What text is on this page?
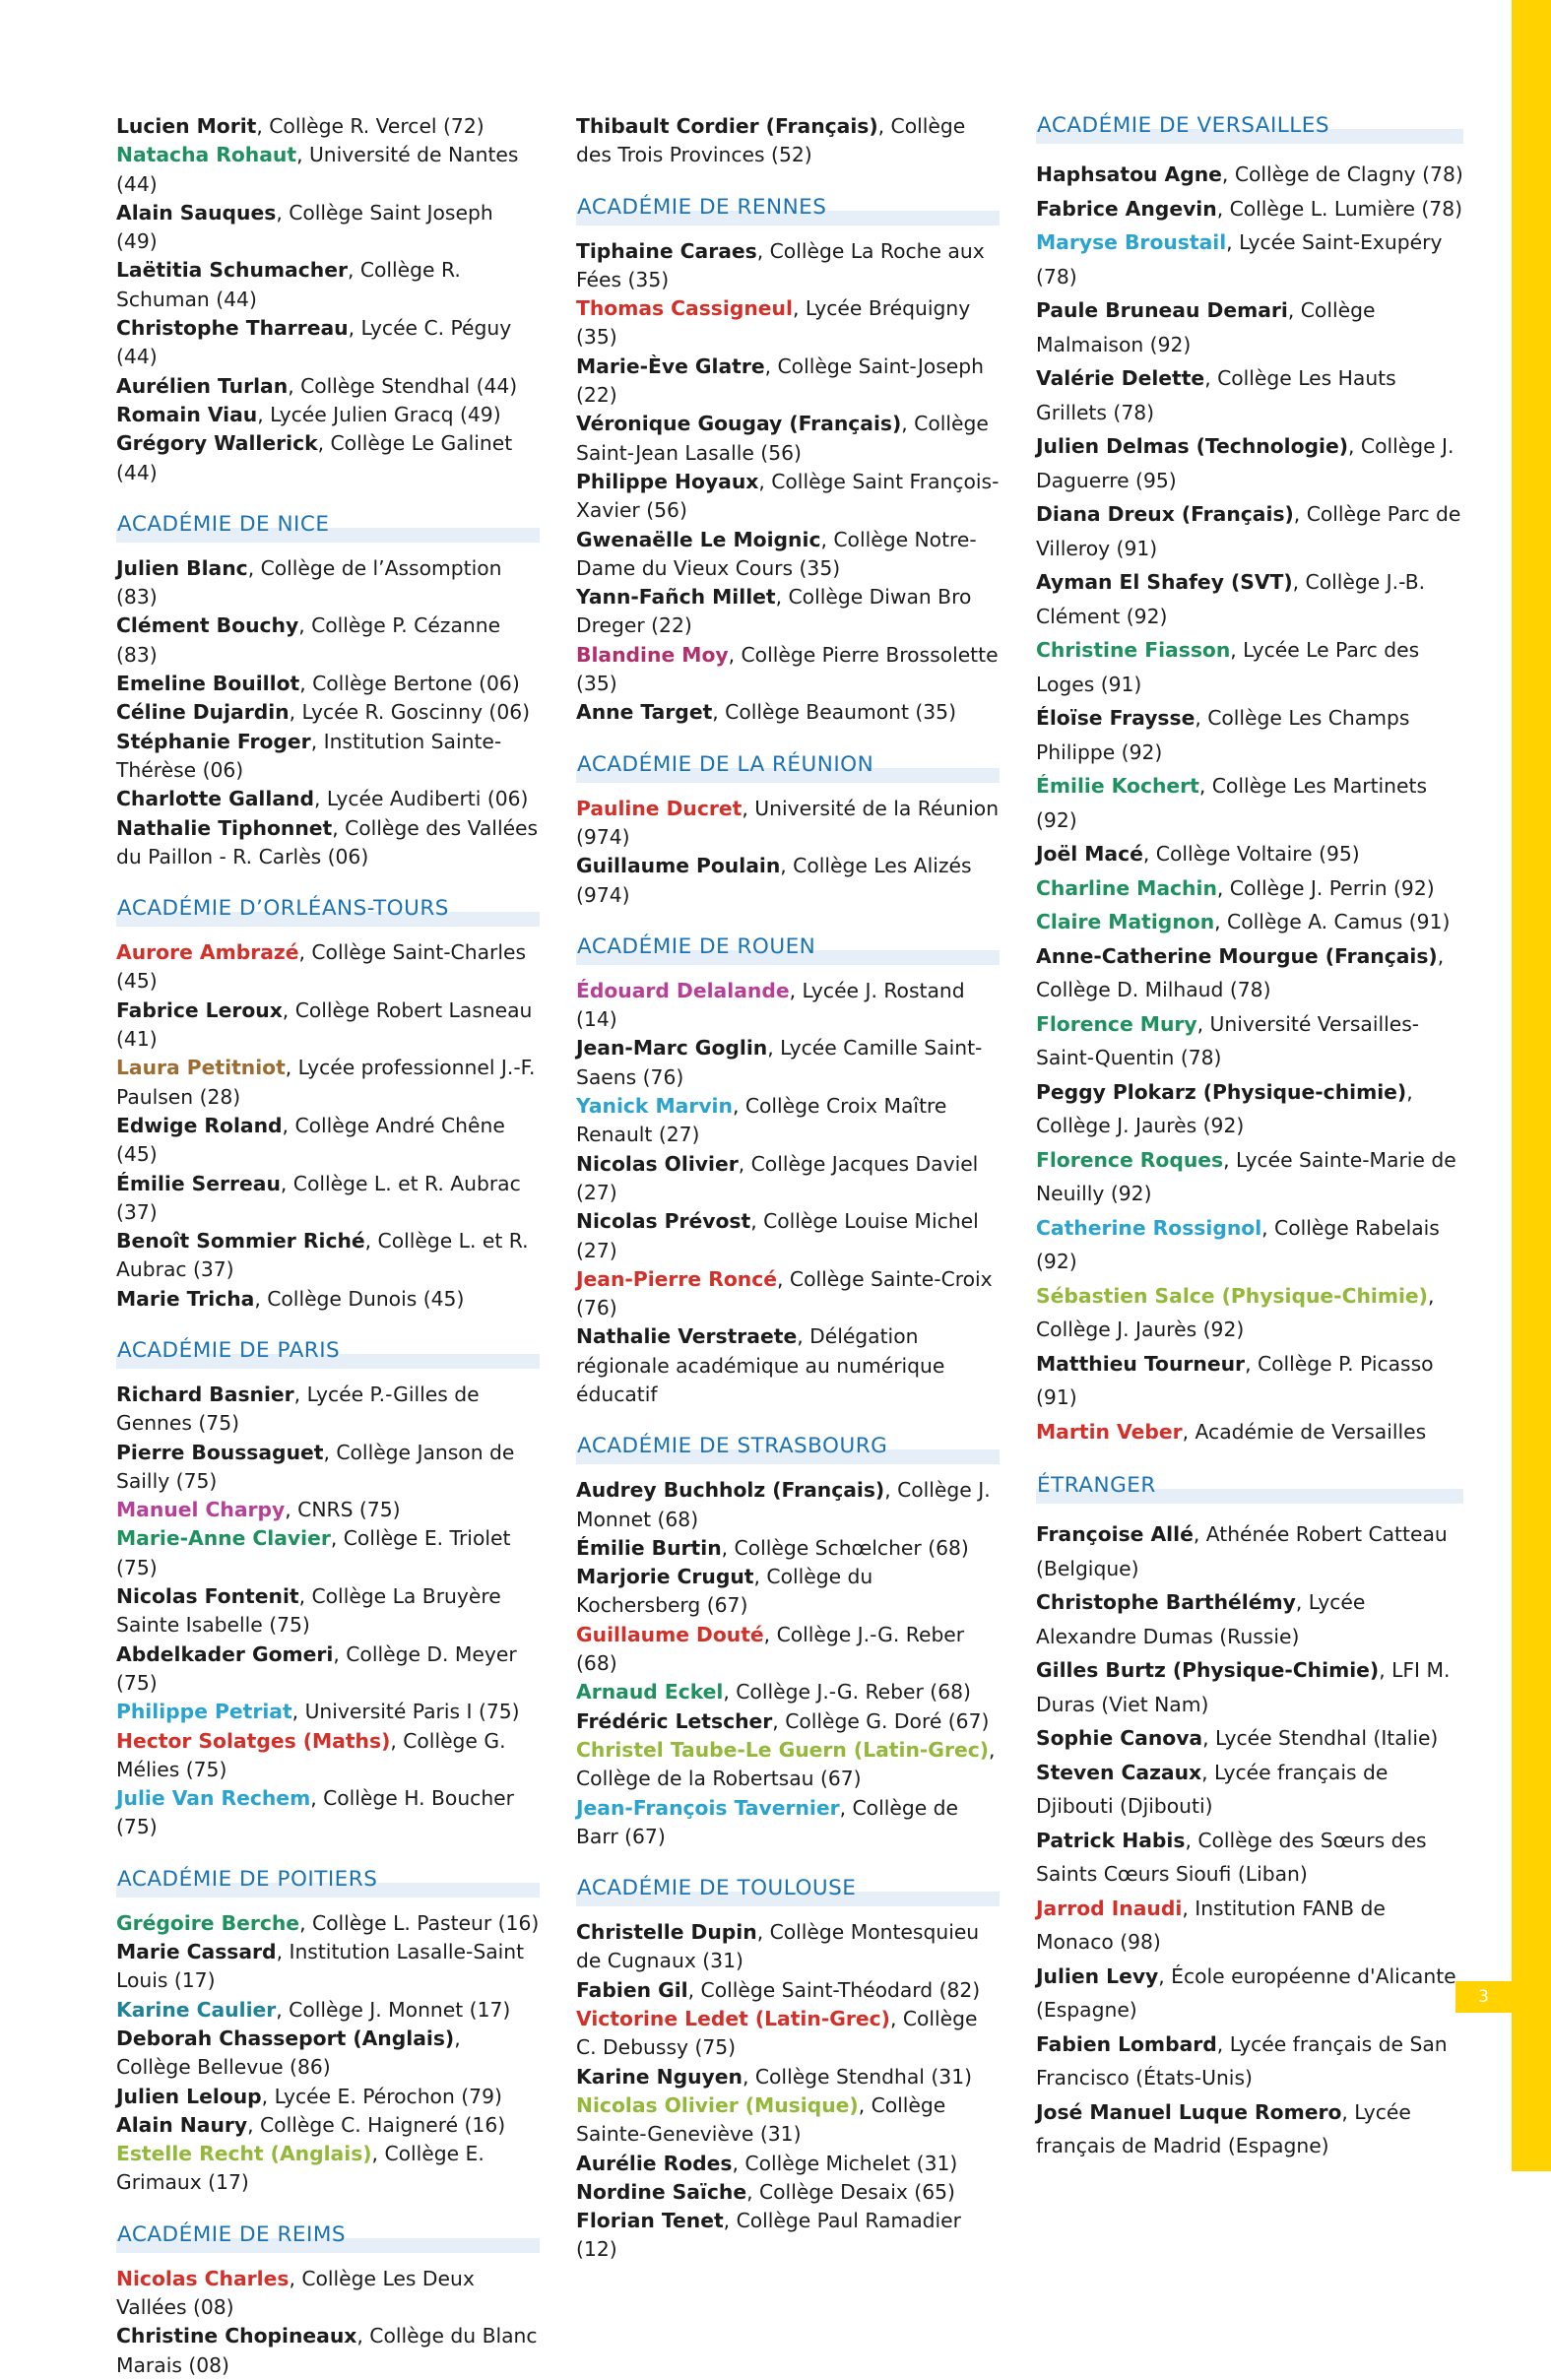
3
Lucien Morit, Collège R. Vercel (72)
Natacha Rohaut, Université de Nantes (44)
Alain Sauques, Collège Saint Joseph (49)
Laëtitia Schumacher, Collège R. Schuman (44)
Christophe Tharreau, Lycée C. Péguy (44)
Aurélien Turlan, Collège Stendhal (44)
Romain Viau, Lycée Julien Gracq (49)
Grégory Wallerick, Collège Le Galinet (44)
ACADÉMIE DE NICE
Julien Blanc, Collège de l’Assomption (83)
Clément Bouchy, Collège P. Cézanne (83)
Emeline Bouillot, Collège Bertone (06)
Céline Dujardin, Lycée R. Goscinny (06)
Stéphanie Froger, Institution Sainte-Thérèse (06)
Charlotte Galland, Lycée Audiberti (06)
Nathalie Tiphonnet, Collège des Vallées du Paillon - R. Carlès (06)
ACADÉMIE D’ORLÉANS-TOURS
Aurore Ambrazé, Collège Saint-Charles (45)
Fabrice Leroux, Collège Robert Lasneau (41)
Laura Petitniot, Lycée professionnel J.-F. Paulsen (28)
Edwige Roland, Collège André Chêne (45)
Émilie Serreau, Collège L. et R. Aubrac (37)
Benoît Sommier Riché, Collège L. et R. Aubrac (37)
Marie Tricha, Collège Dunois (45)
ACADÉMIE DE PARIS
Richard Basnier, Lycée P.-Gilles de Gennes (75)
Pierre Boussaguet, Collège Janson de Sailly (75)
Manuel Charpy, CNRS (75)
Marie-Anne Clavier, Collège E. Triolet (75)
Nicolas Fontenit, Collège La Bruyère Sainte Isabelle (75)
Abdelkader Gomeri, Collège D. Meyer (75)
Philippe Petriat, Université Paris I (75)
Hector Solatges (Maths), Collège G. Mélies (75)
Julie Van Rechem, Collège H. Boucher (75)
ACADÉMIE DE POITIERS
Grégoire Berche, Collège L. Pasteur (16)
Marie Cassard, Institution Lasalle-Saint Louis (17)
Karine Caulier, Collège J. Monnet (17)
Deborah Chasseport (Anglais), Collège Bellevue (86)
Julien Leloup, Lycée E. Pérochon (79)
Alain Naury, Collège C. Haigneré (16)
Estelle Recht (Anglais), Collège E. Grimaux (17)
ACADÉMIE DE REIMS
Nicolas Charles, Collège Les Deux Vallées (08)
Christine Chopineaux, Collège du Blanc Marais (08)
Thibault Cordier (Français), Collège des Trois Provinces (52)
ACADÉMIE DE RENNES
Tiphaine Caraes, Collège La Roche aux Fées (35)
Thomas Cassigneul, Lycée Bréquigny (35)
Marie-Ève Glatre, Collège Saint-Joseph (22)
Véronique Gougay (Français), Collège Saint-Jean Lasalle (56)
Philippe Hoyaux, Collège Saint François-Xavier (56)
Gwenaëlle Le Moignic, Collège Notre-Dame du Vieux Cours (35)
Yann-Fañch Millet, Collège Diwan Bro Dreger (22)
Blandine Moy, Collège Pierre Brossolette (35)
Anne Target, Collège Beaumont (35)
ACADÉMIE DE LA RÉUNION
Pauline Ducret, Université de la Réunion (974)
Guillaume Poulain, Collège Les Alizés (974)
ACADÉMIE DE ROUEN
Édouard Delalande, Lycée J. Rostand (14)
Jean-Marc Goglin, Lycée Camille Saint-Saens (76)
Yanick Marvin, Collège Croix Maître Renault (27)
Nicolas Olivier, Collège Jacques Daviel (27)
Nicolas Prévost, Collège Louise Michel (27)
Jean-Pierre Roncé, Collège Sainte-Croix (76)
Nathalie Verstraete, Délégation régionale académique au numérique éducatif
ACADÉMIE DE STRASBOURG
Audrey Buchholz (Français), Collège J. Monnet (68)
Émilie Burtin, Collège Schœlcher (68)
Marjorie Crugut, Collège du Kochersberg (67)
Guillaume Douté, Collège J.-G. Reber (68)
Arnaud Eckel, Collège J.-G. Reber (68)
Frédéric Letscher, Collège G. Doré (67)
Christel Taube-Le Guern (Latin-Grec), Collège de la Robertsau (67)
Jean-François Tavernier, Collège de Barr (67)
ACADÉMIE DE TOULOUSE
Christelle Dupin, Collège Montesquieu de Cugnaux (31)
Fabien Gil, Collège Saint-Théodard (82)
Victorine Ledet (Latin-Grec), Collège C. Debussy (75)
Karine Nguyen, Collège Stendhal (31)
Nicolas Olivier (Musique), Collège Sainte-Geneviève (31)
Aurélie Rodes, Collège Michelet (31)
Nordine Saïche, Collège Desaix (65)
Florian Tenet, Collège Paul Ramadier (12)
ACADÉMIE DE VERSAILLES
Haphsatou Agne, Collège de Clagny (78)
Fabrice Angevin, Collège L. Lumière (78)
Maryse Broustail, Lycée Saint-Exupéry (78)
Paule Bruneau Demari, Collège Malmaison (92)
Valérie Delette, Collège Les Hauts Grillets (78)
Julien Delmas (Technologie), Collège J. Daguerre (95)
Diana Dreux (Français), Collège Parc de Villeroy (91)
Ayman El Shafey (SVT), Collège J.-B. Clément (92)
Christine Fiasson, Lycée Le Parc des Loges (91)
Éloïse Fraysse, Collège Les Champs Philippe (92)
Émilie Kochert, Collège Les Martinets (92)
Joël Macé, Collège Voltaire (95)
Charline Machin, Collège J. Perrin (92)
Claire Matignon, Collège A. Camus (91)
Anne-Catherine Mourgue (Français), Collège D. Milhaud (78)
Florence Mury, Université Versailles-Saint-Quentin (78)
Peggy Plokarz (Physique-chimie), Collège J. Jaurès (92)
Florence Roques, Lycée Sainte-Marie de Neuilly (92)
Catherine Rossignol, Collège Rabelais (92)
Sébastien Salce (Physique-Chimie), Collège J. Jaurès (92)
Matthieu Tourneur, Collège P. Picasso (91)
Martin Veber, Académie de Versailles
ÉTRANGER
Françoise Allé, Athénée Robert Catteau (Belgique)
Christophe Barthélémy, Lycée Alexandre Dumas (Russie)
Gilles Burtz (Physique-Chimie), LFI M. Duras (Viet Nam)
Sophie Canova, Lycée Stendhal (Italie)
Steven Cazaux, Lycée français de Djibouti (Djibouti)
Patrick Habis, Collège des Sœurs des Saints Cœurs Sioufi (Liban)
Jarrod Inaudi, Institution FANB de Monaco (98)
Julien Levy, École européenne d'Alicante (Espagne)
Fabien Lombard, Lycée français de San Francisco (États-Unis)
José Manuel Luque Romero, Lycée français de Madrid (Espagne)
